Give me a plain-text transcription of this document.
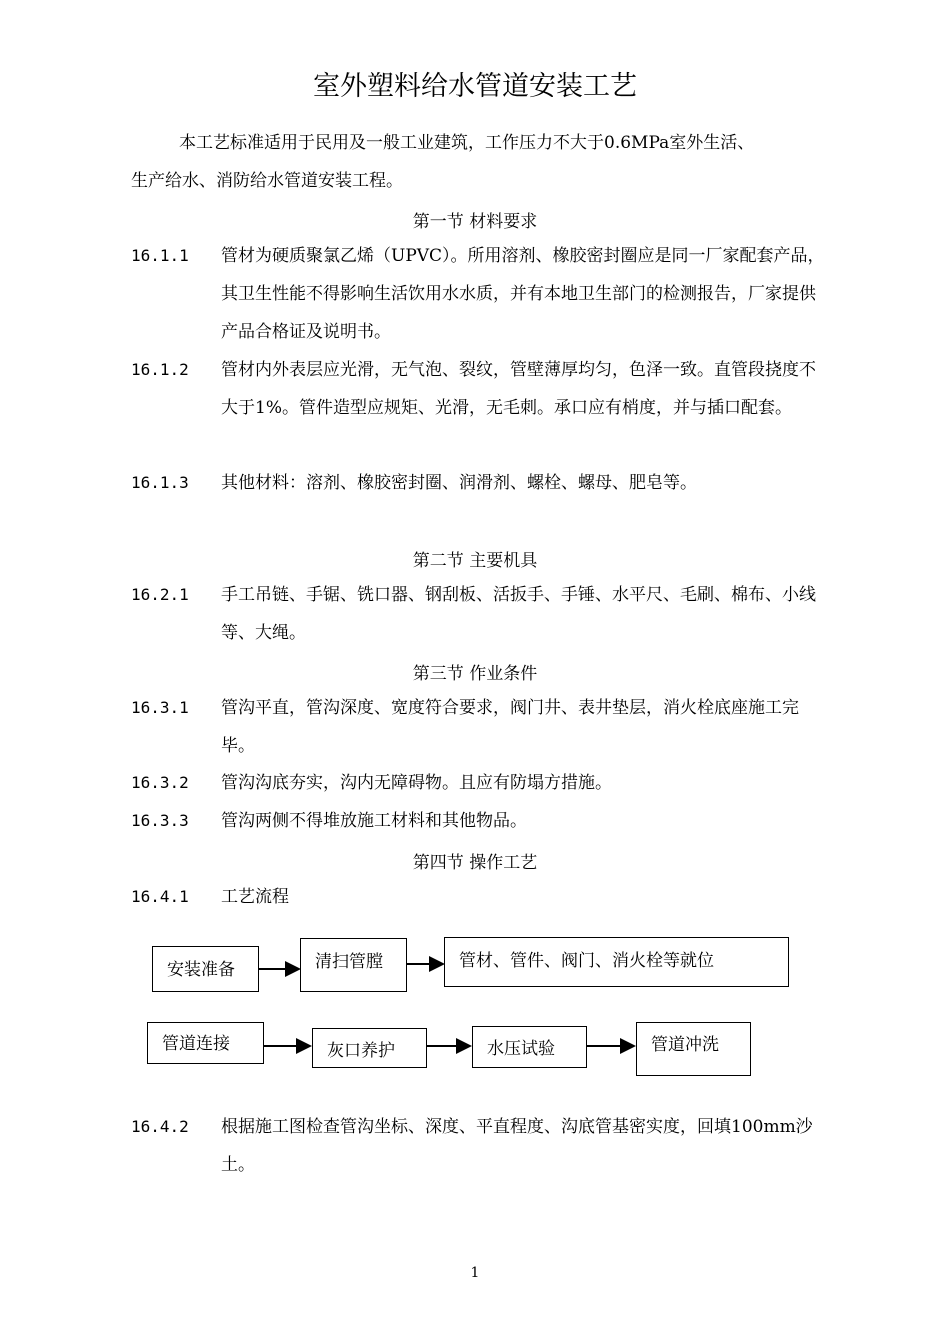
室外塑料给水管道安装工艺
本工艺标准适用于民用及一般工业建筑，工作压力不大于0.6MPa室外生活、
生产给水、消防给水管道安装工程。
第一节 材料要求
16.1.1 管材为硬质聚氯乙烯（UPVC）。所用溶剂、橡胶密封圈应是同一厂家配套产品，其卫生性能不得影响生活饮用水水质，并有本地卫生部门的检测报告，厂家提供产品合格证及说明书。
16.1.2 管材内外表层应光滑，无气泡、裂纹，管壁薄厚均匀，色泽一致。直管段挠度不大于1%。管件造型应规矩、光滑，无毛刺。承口应有梢度，并与插口配套。
16.1.3 其他材料：溶剂、橡胶密封圈、润滑剂、螺栓、螺母、肥皂等。
第二节 主要机具
16.2.1 手工吊链、手锯、铣口器、钢刮板、活扳手、手锤、水平尺、毛刷、棉布、小线等、大绳。
第三节 作业条件
16.3.1 管沟平直，管沟深度、宽度符合要求，阀门井、表井垫层，消火栓底座施工完毕。
16.3.2 管沟沟底夯实，沟内无障碍物。且应有防塌方措施。
16.3.3 管沟两侧不得堆放施工材料和其他物品。
第四节 操作工艺
16.4.1 工艺流程
安装准备	清扫管膛	管材、管件、阀门、消火栓等就位
管道连接	灰口养护	水压试验	管道冲洗
16.4.2 根据施工图检查管沟坐标、深度、平直程度、沟底管基密实度，回填100mm沙土。
1
